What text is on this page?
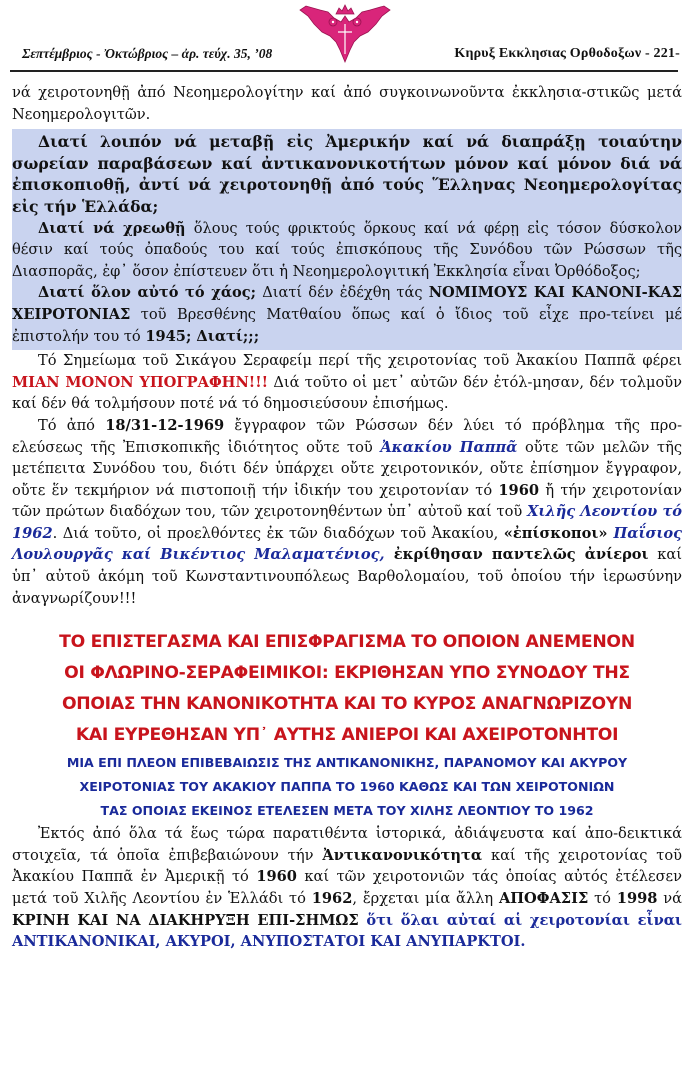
Σεπτέμβριος - Ὀκτώβριος – ἀρ. τεύχ. 35, ’08	Κηρυξ Εκκλησιας Ορθοδοξων - 221-

νά χειροτονηθῇ ἀπό Νεοημερολογίτην καί ἀπό συγκοινωνοῦντα ἐκκλησια-στικῶς μετά Νεοημερολογιτῶν.

Διατί λοιπόν νά μεταβῇ εἰς Ἀμερικήν καί νά διαπράξῃ τοιαύτην σωρείαν παραβάσεων καί ἀντικανονικοτήτων μόνον καί μόνον διά νά ἐπισκοπιοθῇ, ἀντί νά χειροτονηθῇ ἀπό τούς Ἕλληνας Νεοημερολογίτας εἰς τήν Ἑλλάδα;

Διατί νά χρεωθῇ ὅλους τούς φρικτούς ὅρκους καί νά φέρῃ εἰς τόσον δύσκολον θέσιν καί τούς ὀπαδούς του καί τούς ἐπισκόπους τῆς Συνόδου τῶν Ρώσσων τῆς Διασπορᾶς, ἐφ᾽ ὅσον ἐπίστευεν ὅτι ἡ Νεοημερολογιτική Ἐκκλησία εἶναι Ὀρθόδοξος;

Διατί ὅλον αὐτό τό χάος; Διατί δέν ἐδέχθη τάς ΝΟΜΙΜΟΥΣ ΚΑΙ ΚΑΝΟΝΙ-ΚΑΣ ΧΕΙΡΟΤΟΝΙΑΣ τοῦ Βρεσθένης Ματθαίου ὅπως καί ὁ ἴδιος τοῦ εἶχε προ-τείνει μέ ἐπιστολήν του τό 1945; Διατί;;;

Τό Σημείωμα τοῦ Σικάγου Σεραφείμ περί τῆς χειροτονίας τοῦ Ἀκακίου Παππᾶ φέρει ΜΙΑΝ ΜΟΝΟΝ ΥΠΟΓΡΑΦΗΝ!!! Διά τοῦτο οἱ μετ᾽ αὐτῶν δέν ἐτόλ-μησαν, δέν τολμοῦν καί δέν θά τολμήσουν ποτέ νά τό δημοσιεύσουν ἐπισήμως.

Τό ἀπό 18/31-12-1969 ἔγγραφον τῶν Ρώσσων δέν λύει τό πρόβλημα τῆς προ-ελεύσεως τῆς Ἐπισκοπικῆς ἰδιότητος οὔτε τοῦ Ἀκακίου Παππᾶ οὔτε τῶν μελῶν τῆς μετέπειτα Συνόδου του, διότι δέν ὑπάρχει οὔτε χειροτονικόν, οὔτε ἐπίσημον ἔγγραφον, οὔτε ἕν τεκμήριον νά πιστοποιῇ τήν ἰδικήν του χειροτονίαν τό 1960 ἤ τήν χειροτονίαν τῶν πρώτων διαδόχων του, τῶν χειροτονηθέντων ὑπ᾽ αὐτοῦ καί τοῦ Χιλῆς Λεοντίου τό 1962. Διά τοῦτο, οἱ προελθόντες ἐκ τῶν διαδόχων τοῦ Ἀκακίου, «ἐπίσκοποι» Παΐσιος Λουλουργᾶς καί Βικέντιος Μαλαματένιος, ἐκρίθησαν παντελῶς ἀνίεροι καί ὑπ᾽ αὐτοῦ ἀκόμη τοῦ Κωνσταντινουπόλεως Βαρθολομαίου, τοῦ ὁποίου τήν ἱερωσύνην ἀναγνωρίζουν!!!

ΤΟ ΕΠΙΣΤΕΓΑΣΜΑ ΚΑΙ ΕΠΙΣΦΡΑΓΙΣΜΑ ΤΟ ΟΠΟΙΟΝ ΑΝΕΜΕΝΟΝ
ΟΙ ΦΛΩΡΙΝΟ-ΣΕΡΑΦΕΙΜΙΚΟΙ: ΕΚΡΙΘΗΣΑΝ ΥΠΟ ΣΥΝΟΔΟΥ ΤΗΣ
ΟΠΟΙΑΣ ΤΗΝ ΚΑΝΟΝΙΚΟΤΗΤΑ ΚΑΙ ΤΟ ΚΥΡΟΣ ΑΝΑΓΝΩΡΙΖΟΥΝ
ΚΑΙ ΕΥΡΕΘΗΣΑΝ ΥΠ᾽ ΑΥΤΗΣ ΑΝΙΕΡΟΙ ΚΑΙ ΑΧΕΙΡΟΤΟΝΗΤΟΙ
ΜΙΑ ΕΠΙ ΠΛΕΟΝ ΕΠΙΒΕΒΑΙΩΣΙΣ ΤΗΣ ΑΝΤΙΚΑΝΟΝΙΚΗΣ, ΠΑΡΑΝΟΜΟΥ ΚΑΙ ΑΚΥΡΟΥ
ΧΕΙΡΟΤΟΝΙΑΣ ΤΟΥ ΑΚΑΚΙΟΥ ΠΑΠΠΑ ΤΟ 1960 ΚΑΘΩΣ ΚΑΙ ΤΩΝ ΧΕΙΡΟΤΟΝΙΩΝ
ΤΑΣ ΟΠΟΙΑΣ ΕΚΕΙΝΟΣ ΕΤΕΛΕΣΕΝ ΜΕΤΑ ΤΟΥ ΧΙΛΗΣ ΛΕΟΝΤΙΟΥ ΤΟ 1962

Ἐκτός ἀπό ὅλα τά ἕως τώρα παρατιθέντα ἱστορικά, ἀδιάψευστα καί ἀπο-δεικτικά στοιχεῖα, τά ὁποῖα ἐπιβεβαιώνουν τήν Ἀντικανονικότητα καί τῆς χειροτονίας τοῦ Ἀκακίου Παππᾶ ἐν Ἀμερικῇ τό 1960 καί τῶν χειροτονιῶν τάς ὁποίας αὐτός ἐτέλεσεν μετά τοῦ Χιλῆς Λεοντίου ἐν Ἑλλάδι τό 1962, ἔρχεται μία ἄλλη ΑΠΟΦΑΣΙΣ τό 1998 νά ΚΡΙΝΗ ΚΑΙ ΝΑ ΔΙΑΚΗΡΥΞΗ ΕΠΙ-ΣΗΜΩΣ ὅτι ὅλαι αὐταί αἱ χειροτονίαι εἶναι ΑΝΤΙΚΑΝΟΝΙΚΑΙ, ΑΚΥΡΟΙ, ΑΝΥΠΟΣΤΑΤΟΙ ΚΑΙ ΑΝΥΠΑΡΚΤΟΙ.
